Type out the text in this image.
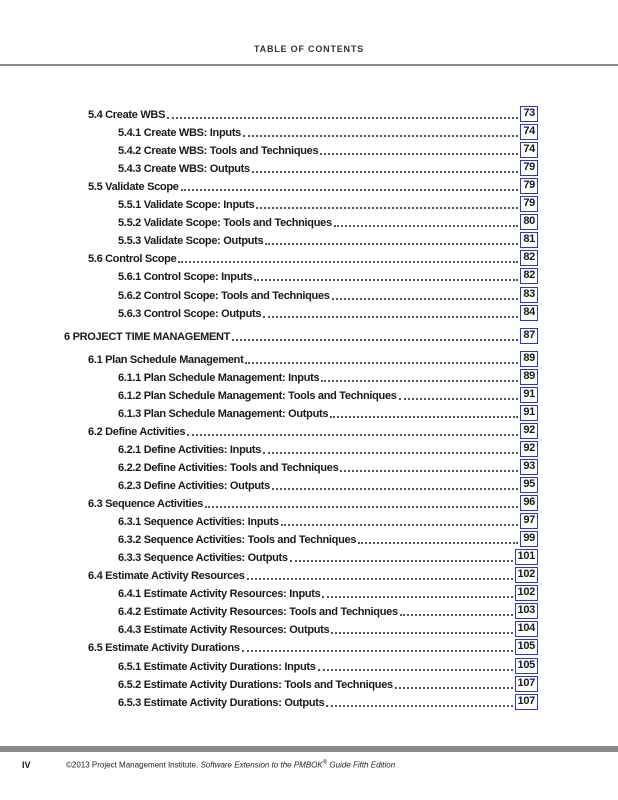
TABLE OF CONTENTS
5.4 Create WBS	73
5.4.1 Create WBS: Inputs	74
5.4.2 Create WBS: Tools and Techniques	74
5.4.3 Create WBS: Outputs	79
5.5 Validate Scope	79
5.5.1 Validate Scope: Inputs	79
5.5.2 Validate Scope: Tools and Techniques	80
5.5.3 Validate Scope: Outputs	81
5.6 Control Scope	82
5.6.1 Control Scope: Inputs	82
5.6.2 Control Scope: Tools and Techniques	83
5.6.3 Control Scope: Outputs	84
6 PROJECT TIME MANAGEMENT	87
6.1 Plan Schedule Management	89
6.1.1 Plan Schedule Management: Inputs	89
6.1.2 Plan Schedule Management: Tools and Techniques	91
6.1.3 Plan Schedule Management: Outputs	91
6.2 Define Activities	92
6.2.1 Define Activities: Inputs	92
6.2.2 Define Activities: Tools and Techniques	93
6.2.3 Define Activities: Outputs	95
6.3 Sequence Activities	96
6.3.1 Sequence Activities: Inputs	97
6.3.2 Sequence Activities: Tools and Techniques	99
6.3.3 Sequence Activities: Outputs	101
6.4 Estimate Activity Resources	102
6.4.1 Estimate Activity Resources: Inputs	102
6.4.2 Estimate Activity Resources: Tools and Techniques	103
6.4.3 Estimate Activity Resources: Outputs	104
6.5 Estimate Activity Durations	105
6.5.1 Estimate Activity Durations: Inputs	105
6.5.2 Estimate Activity Durations: Tools and Techniques	107
6.5.3 Estimate Activity Durations: Outputs	107
IV	©2013 Project Management Institute. Software Extension to the PMBOK® Guide Fifth Edition
